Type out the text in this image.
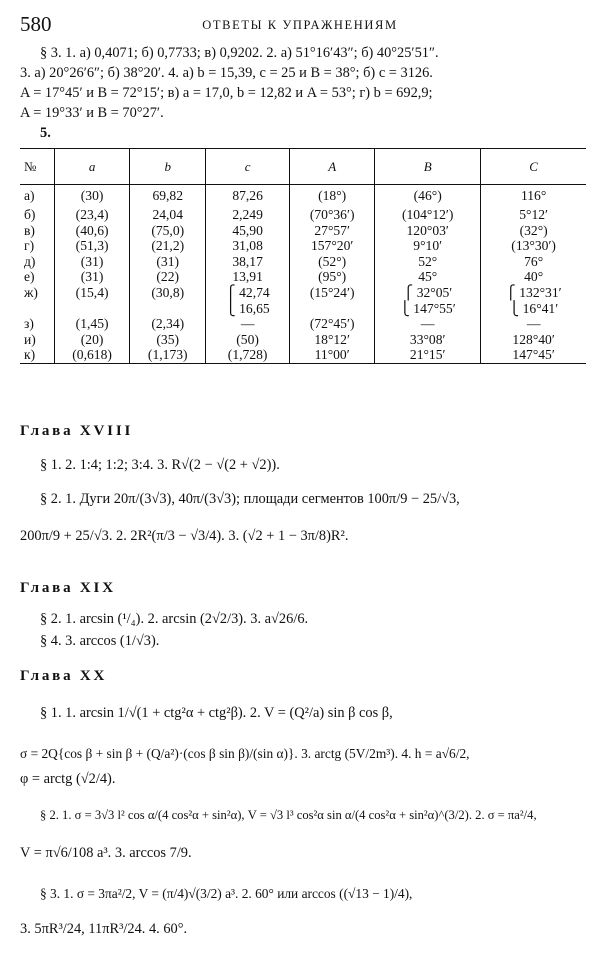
580	ОТВЕТЫ К УПРАЖНЕНИЯМ
§ 3. 1. а) 0,4071; б) 0,7733; в) 0,9202. 2. а) 51°16′43″; б) 40°25′51″.
3. а) 20°26′6″; б) 38°20′. 4. а) b = 15,39, c = 25 и B = 38°; б) c = 3126.
A = 17°45′ и B = 72°15′; в) a = 17,0, b = 12,82 и A = 53°; г) b = 692,9;
A = 19°33′ и B = 70°27′.
5.
№	a	b	c	A	B	C
а)	(30)	69,82	87,26	(18°)	(46°)	116°
б)	(23,4)	24,04	2,249	(70°36′)	(104°12′)	5°12′
в)	(40,6)	(75,0)	45,90	27°57′	120°03′	(32°)
г)	(51,3)	(21,2)	31,08	157°20′	9°10′	(13°30′)
д)	(31)	(31)	38,17	(52°)	52°	76°
е)	(31)	(22)	13,91	(95°)	45°	40°
ж)	(15,4)	(30,8)	⎧ 42,74	(15°24′)	⎧ 32°05′	⎧ 132°31′
			⎩ 16,65		⎩ 147°55′	⎩ 16°41′
з)	(1,45)	(2,34)	—	(72°45′)	—	—
и)	(20)	(35)	(50)	18°12′	33°08′	128°40′
к)	(0,618)	(1,173)	(1,728)	11°00′	21°15′	147°45′
Глава XVIII
§ 1. 2. 1:4; 1:2; 3:4. 3. R√(2 − √(2 + √2)).
§ 2. 1. Дуги 20π/(3√3), 40π/(3√3); площади сегментов 100π/9 − 25/√3,
200π/9 + 25/√3. 2. 2R²(π/3 − √3/4). 3. (√2 + 1 − 3π/8)R².
Глава XIX
§ 2. 1. arcsin (¹/₄). 2. arcsin (2√2/3). 3. a√26/6.
§ 4. 3. arccos (1/√3).
Глава XX
§ 1. 1. arcsin 1/√(1 + ctg²α + ctg²β). 2. V = (Q²/a) sin β cos β,
σ = 2Q{cos β + sin β + (Q/a²)·(cos β sin β)/(sin α)}. 3. arctg (5V/2m³). 4. h = a√6/2,
φ = arctg (√2/4).
§ 2. 1. σ = 3√3 l² cos α/(4 cos²α + sin²α), V = √3 l³ cos²α sin α/(4 cos²α + sin²α)^(3/2). 2. σ = πa²/4,
V = π√6/108 a³. 3. arccos 7/9.
§ 3. 1. σ = 3πa²/2, V = (π/4)√(3/2) a³. 2. 60° или arccos ((√13 − 1)/4),
3. 5πR³/24, 11πR³/24. 4. 60°.
